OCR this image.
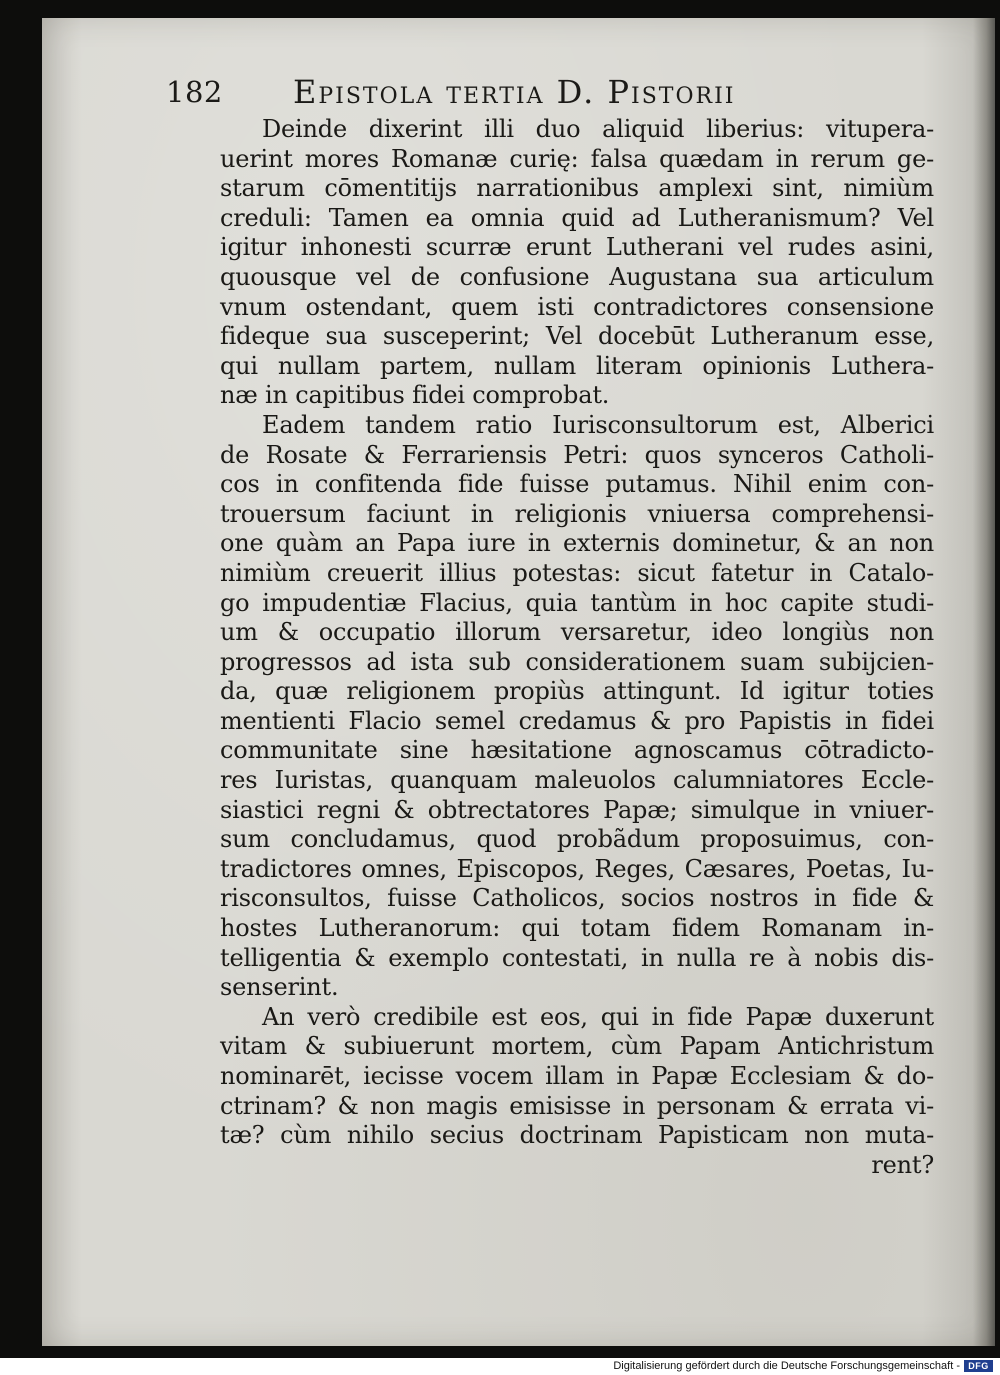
182 Epistola tertia D. Pistorii
Deinde dixerint illi duo aliquid liberius: vitupera-
uerint mores Romanæ curię: falsa quædam in rerum ge-
starum cōmentitijs narrationibus amplexi sint, nimiùm
creduli: Tamen ea omnia quid ad Lutheranismum? Vel
igitur inhonesti scurræ erunt Lutherani vel rudes asini,
quousque vel de confusione Augustana sua articulum
vnum ostendant, quem isti contradictores consensione
fideque sua susceperint; Vel docebūt Lutheranum esse,
qui nullam partem, nullam literam opinionis Luthera-
næ in capitibus fidei comprobat.
Eadem tandem ratio Iurisconsultorum est, Alberici
de Rosate & Ferrariensis Petri: quos synceros Catholi-
cos in confitenda fide fuisse putamus. Nihil enim con-
trouersum faciunt in religionis vniuersa comprehensi-
one quàm an Papa iure in externis dominetur, & an non
nimiùm creuerit illius potestas: sicut fatetur in Catalo-
go impudentiæ Flacius, quia tantùm in hoc capite studi-
um & occupatio illorum versaretur, ideo longiùs non
progressos ad ista sub considerationem suam subijcien-
da, quæ religionem propiùs attingunt. Id igitur toties
mentienti Flacio semel credamus & pro Papistis in fidei
communitate sine hæsitatione agnoscamus cōtradicto-
res Iuristas, quanquam maleuolos calumniatores Eccle-
siastici regni & obtrectatores Papæ; simulque in vniuer-
sum concludamus, quod probãdum proposuimus, con-
tradictores omnes, Episcopos, Reges, Cæsares, Poetas, Iu-
risconsultos, fuisse Catholicos, socios nostros in fide &
hostes Lutheranorum: qui totam fidem Romanam in-
telligentia & exemplo contestati, in nulla re à nobis dis-
senserint.
An verò credibile est eos, qui in fide Papæ duxerunt
vitam & subiuerunt mortem, cùm Papam Antichristum
nominarēt, iecisse vocem illam in Papæ Ecclesiam & do-
ctrinam? & non magis emisisse in personam & errata vi-
tæ? cùm nihilo secius doctrinam Papisticam non muta-
rent?
Digitalisierung gefördert durch die Deutsche Forschungsgemeinschaft - DFG
